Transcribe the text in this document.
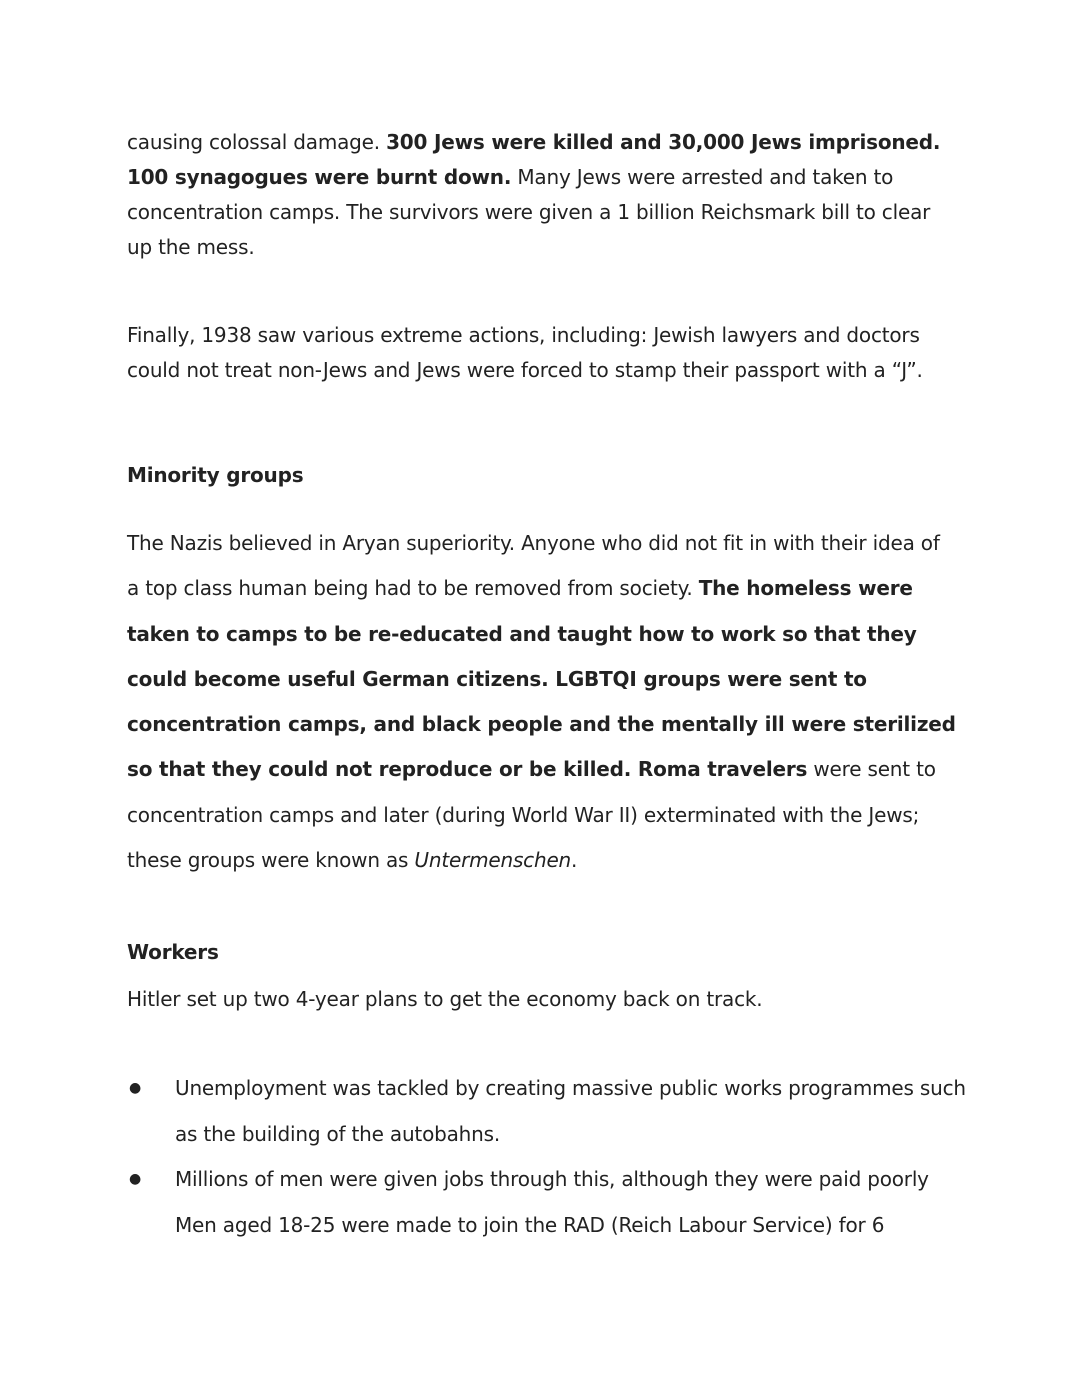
causing colossal damage. 300 Jews were killed and 30,000 Jews imprisoned. 100 synagogues were burnt down. Many Jews were arrested and taken to concentration camps. The survivors were given a 1 billion Reichsmark bill to clear up the mess.
Finally, 1938 saw various extreme actions, including: Jewish lawyers and doctors could not treat non-Jews and Jews were forced to stamp their passport with a “J”.
Minority groups
The Nazis believed in Aryan superiority. Anyone who did not fit in with their idea of a top class human being had to be removed from society. The homeless were taken to camps to be re-educated and taught how to work so that they could become useful German citizens. LGBTQI groups were sent to concentration camps, and black people and the mentally ill were sterilized so that they could not reproduce or be killed. Roma travelers were sent to concentration camps and later (during World War II) exterminated with the Jews; these groups were known as Untermenschen.
Workers
Hitler set up two 4-year plans to get the economy back on track.
● Unemployment was tackled by creating massive public works programmes such as the building of the autobahns.
● Millions of men were given jobs through this, although they were paid poorly Men aged 18-25 were made to join the RAD (Reich Labour Service) for 6
